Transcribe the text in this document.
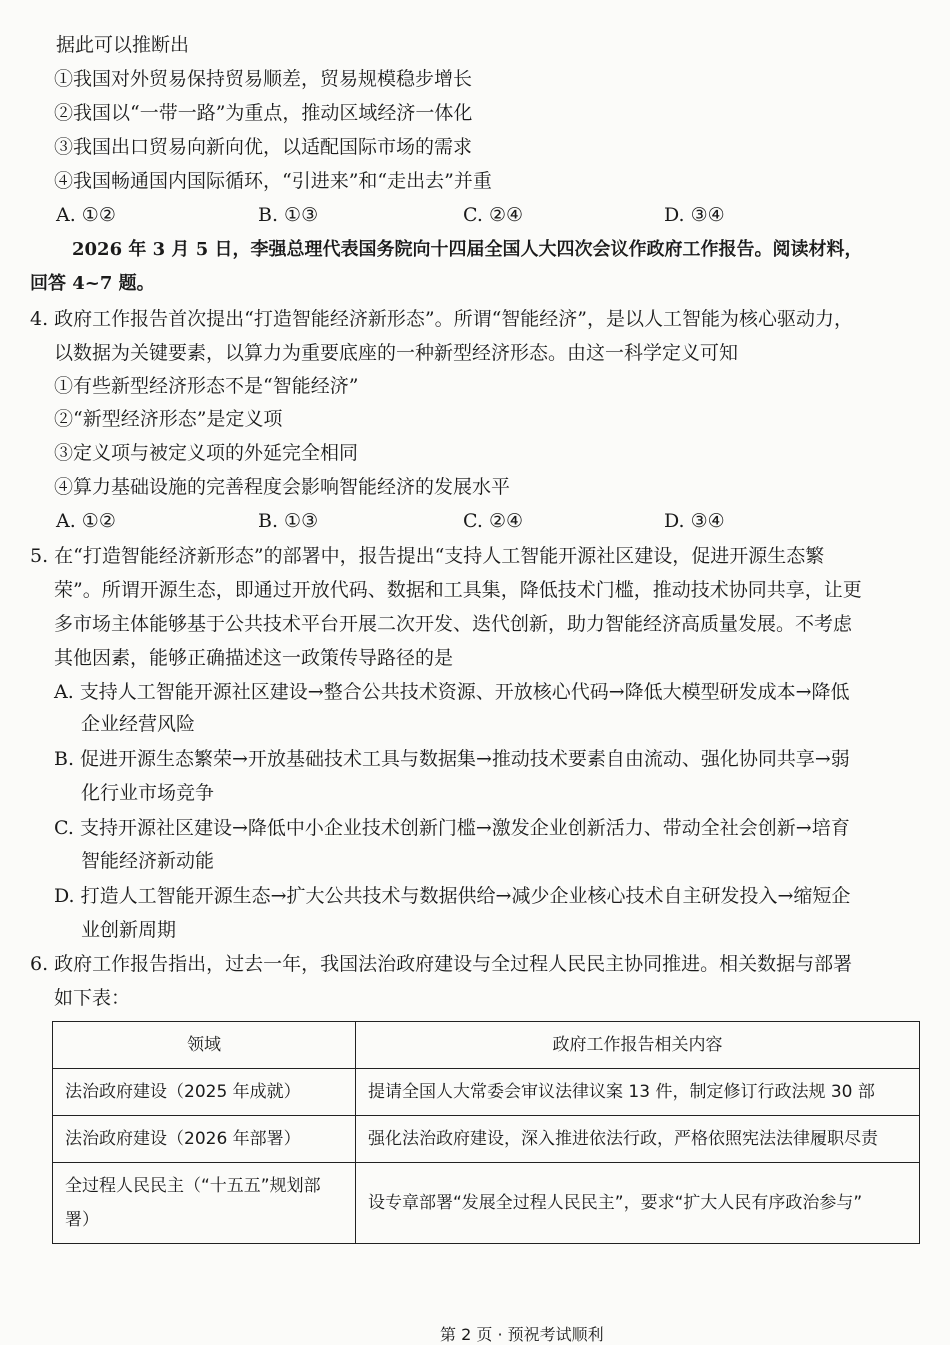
据此可以推断出
①我国对外贸易保持贸易顺差，贸易规模稳步增长
②我国以“一带一路”为重点，推动区域经济一体化
③我国出口贸易向新向优，以适配国际市场的需求
④我国畅通国内国际循环，“引进来”和“走出去”并重
A. ①②	B. ①③	C. ②④	D. ③④
2026 年 3 月 5 日，李强总理代表国务院向十四届全国人大四次会议作政府工作报告。阅读材料，
回答 4~7 题。
4. 政府工作报告首次提出“打造智能经济新形态”。所谓“智能经济”，是以人工智能为核心驱动力，
以数据为关键要素，以算力为重要底座的一种新型经济形态。由这一科学定义可知
①有些新型经济形态不是“智能经济”
②“新型经济形态”是定义项
③定义项与被定义项的外延完全相同
④算力基础设施的完善程度会影响智能经济的发展水平
A. ①②	B. ①③	C. ②④	D. ③④
5. 在“打造智能经济新形态”的部署中，报告提出“支持人工智能开源社区建设，促进开源生态繁
荣”。所谓开源生态，即通过开放代码、数据和工具集，降低技术门槛，推动技术协同共享，让更
多市场主体能够基于公共技术平台开展二次开发、迭代创新，助力智能经济高质量发展。不考虑
其他因素，能够正确描述这一政策传导路径的是
A. 支持人工智能开源社区建设→整合公共技术资源、开放核心代码→降低大模型研发成本→降低
企业经营风险
B. 促进开源生态繁荣→开放基础技术工具与数据集→推动技术要素自由流动、强化协同共享→弱
化行业市场竞争
C. 支持开源社区建设→降低中小企业技术创新门槛→激发企业创新活力、带动全社会创新→培育
智能经济新动能
D. 打造人工智能开源生态→扩大公共技术与数据供给→减少企业核心技术自主研发投入→缩短企
业创新周期
6. 政府工作报告指出，过去一年，我国法治政府建设与全过程人民民主协同推进。相关数据与部署
如下表：
领域	政府工作报告相关内容
法治政府建设（2025 年成就）	提请全国人大常委会审议法律议案 13 件，制定修订行政法规 30 部
法治政府建设（2026 年部署）	强化法治政府建设，深入推进依法行政，严格依照宪法法律履职尽责
全过程人民民主（“十五五”规划部署）	设专章部署“发展全过程人民民主”，要求“扩大人民有序政治参与”
第 2 页 · 预祝考试顺利
